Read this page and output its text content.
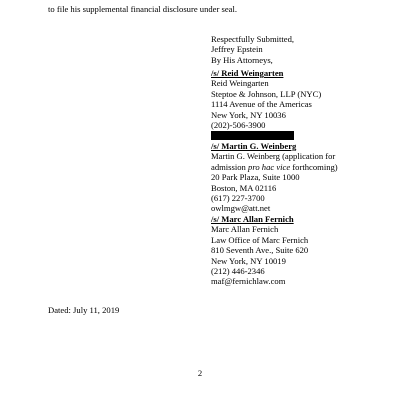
to file his supplemental financial disclosure under seal.
Respectfully Submitted,
Jeffrey Epstein
By His Attorneys,
/s/ Reid Weingarten
Reid Weingarten
Steptoe & Johnson, LLP (NYC)
1114 Avenue of the Americas
New York, NY 10036
(202)-506-3900
/s/ Martin G. Weinberg
Martin G. Weinberg (application for
admission pro hac vice forthcoming)
20 Park Plaza, Suite 1000
Boston, MA 02116
(617) 227-3700
owlmgw@att.net
/s/ Marc Allan Fernich
Marc Allan Fernich
Law Office of Marc Fernich
810 Seventh Ave., Suite 620
New York, NY 10019
(212) 446-2346
maf@fernichlaw.com
Dated: July 11, 2019
2
